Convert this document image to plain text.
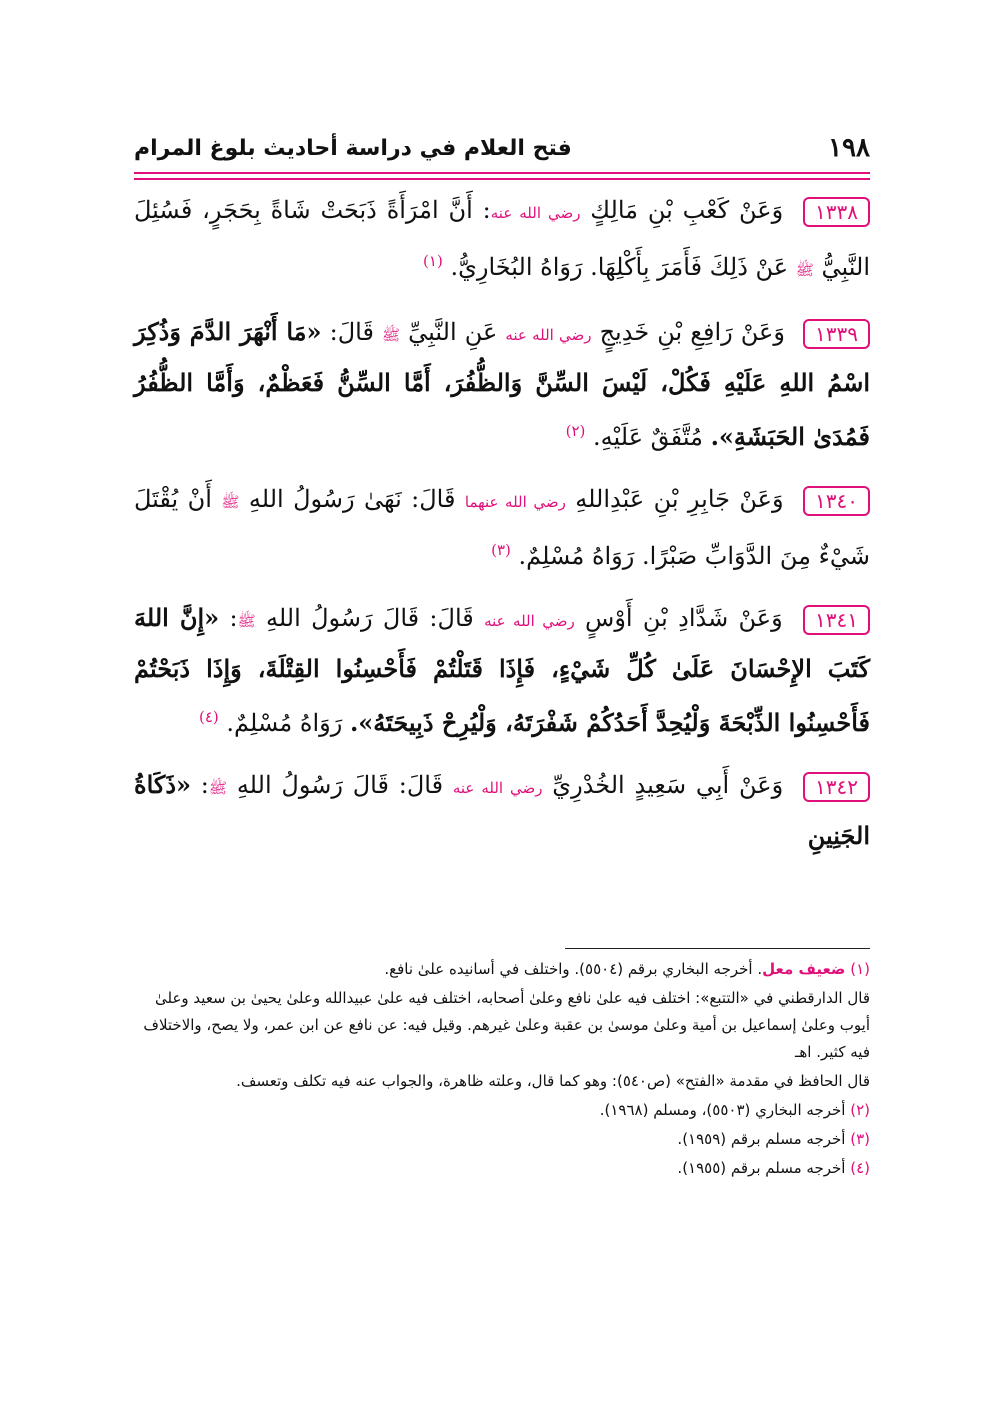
١٩٨
فتح العلام في دراسة أحاديث بلوغ المرام

١٣٣٨ وَعَنْ كَعْبِ بْنِ مَالِكٍ رضي الله عنه: أَنَّ امْرَأَةً ذَبَحَتْ شَاةً بِحَجَرٍ، فَسُئِلَ النَّبِيُّ ﷺ عَنْ ذَلِكَ فَأَمَرَ بِأَكْلِهَا. رَوَاهُ البُخَارِيُّ. $^{(١)}$

١٣٣٩ وَعَنْ رَافِعِ بْنِ خَدِيجٍ رضي الله عنه عَنِ النَّبِيِّ ﷺ قَالَ: «مَا أَنْهَرَ الدَّمَ وَذُكِرَ اسْمُ اللهِ عَلَيْهِ فَكُلْ، لَيْسَ السِّنَّ وَالظُّفُرَ، أَمَّا السِّنُّ فَعَظْمٌ، وَأَمَّا الظُّفُرُ فَمُدَىٰ الحَبَشَةِ». مُتَّفَقٌ عَلَيْهِ. $^{(٢)}$

١٣٤٠ وَعَنْ جَابِرِ بْنِ عَبْدِاللهِ رضي الله عنهما قَالَ: نَهَىٰ رَسُولُ اللهِ ﷺ أَنْ يُقْتَلَ شَيْءٌ مِنَ الدَّوَابِّ صَبْرًا. رَوَاهُ مُسْلِمٌ. $^{(٣)}$

١٣٤١ وَعَنْ شَدَّادِ بْنِ أَوْسٍ رضي الله عنه قَالَ: قَالَ رَسُولُ اللهِ ﷺ: «إِنَّ اللهَ كَتَبَ الإِحْسَانَ عَلَىٰ كُلِّ شَيْءٍ، فَإِذَا قَتَلْتُمْ فَأَحْسِنُوا القِتْلَةَ، وَإِذَا ذَبَحْتُمْ فَأَحْسِنُوا الذِّبْحَةَ وَلْيُحِدَّ أَحَدُكُمْ شَفْرَتَهُ، وَلْيُرِحْ ذَبِيحَتَهُ». رَوَاهُ مُسْلِمٌ. $^{(٤)}$

١٣٤٢ وَعَنْ أَبِي سَعِيدٍ الخُدْرِيِّ رضي الله عنه قَالَ: قَالَ رَسُولُ اللهِ ﷺ: «ذَكَاةُ الجَنِينِ

(١) ضعيف معل. أخرجه البخاري برقم (٥٥٠٤). واختلف في أسانيده علىٰ نافع.
قال الدارقطني في «التتبع»: اختلف فيه علىٰ نافع وعلىٰ أصحابه، اختلف فيه علىٰ عبيدالله وعلىٰ يحيىٰ بن سعيد وعلىٰ أيوب وعلىٰ إسماعيل بن أمية وعلىٰ موسىٰ بن عقبة وعلىٰ غيرهم. وقيل فيه: عن نافع عن ابن عمر، ولا يصح، والاختلاف فيه كثير. اهـ
قال الحافظ في مقدمة «الفتح» (ص٥٤٠): وهو كما قال، وعلته ظاهرة، والجواب عنه فيه تكلف وتعسف.
(٢) أخرجه البخاري (٥٥٠٣)، ومسلم (١٩٦٨).
(٣) أخرجه مسلم برقم (١٩٥٩).
(٤) أخرجه مسلم برقم (١٩٥٥).
